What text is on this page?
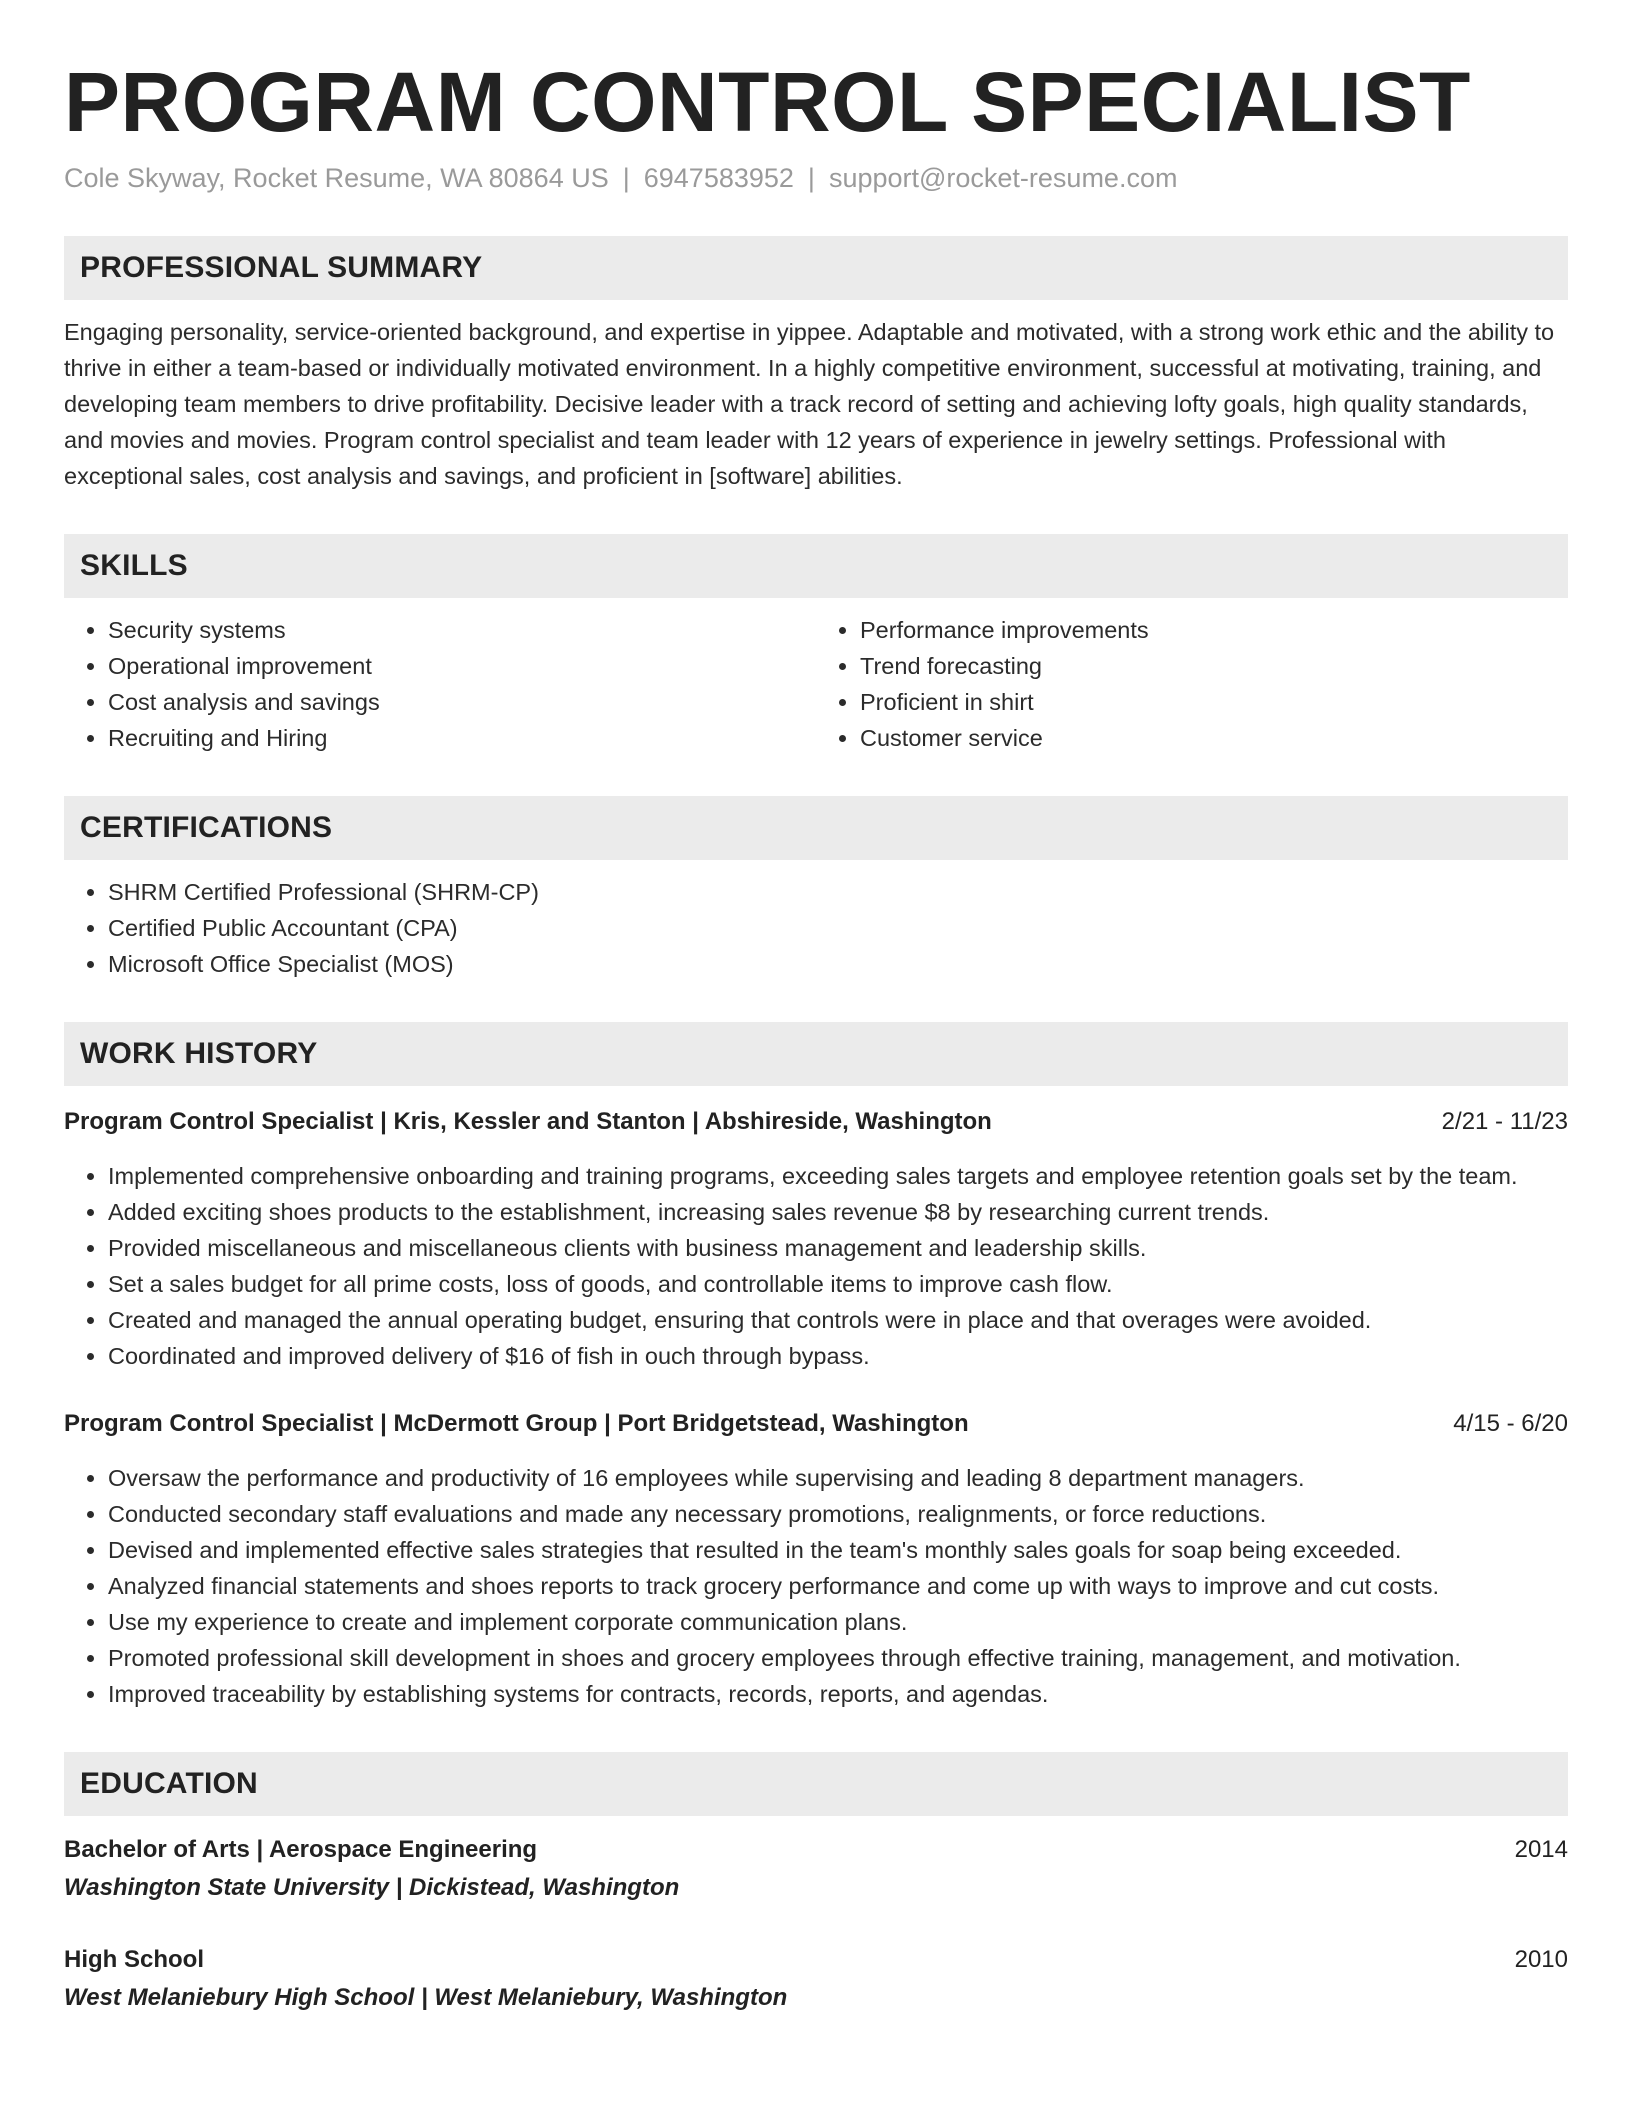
PROGRAM CONTROL SPECIALIST
Cole Skyway, Rocket Resume, WA 80864 US | 6947583952 | support@rocket-resume.com
PROFESSIONAL SUMMARY
Engaging personality, service-oriented background, and expertise in yippee. Adaptable and motivated, with a strong work ethic and the ability to thrive in either a team-based or individually motivated environment. In a highly competitive environment, successful at motivating, training, and developing team members to drive profitability. Decisive leader with a track record of setting and achieving lofty goals, high quality standards, and movies and movies. Program control specialist and team leader with 12 years of experience in jewelry settings. Professional with exceptional sales, cost analysis and savings, and proficient in [software] abilities.
SKILLS
• Security systems
• Operational improvement
• Cost analysis and savings
• Recruiting and Hiring
• Performance improvements
• Trend forecasting
• Proficient in shirt
• Customer service
CERTIFICATIONS
• SHRM Certified Professional (SHRM-CP)
• Certified Public Accountant (CPA)
• Microsoft Office Specialist (MOS)
WORK HISTORY
Program Control Specialist | Kris, Kessler and Stanton | Abshireside, Washington	2/21 - 11/23
• Implemented comprehensive onboarding and training programs, exceeding sales targets and employee retention goals set by the team.
• Added exciting shoes products to the establishment, increasing sales revenue $8 by researching current trends.
• Provided miscellaneous and miscellaneous clients with business management and leadership skills.
• Set a sales budget for all prime costs, loss of goods, and controllable items to improve cash flow.
• Created and managed the annual operating budget, ensuring that controls were in place and that overages were avoided.
• Coordinated and improved delivery of $16 of fish in ouch through bypass.
Program Control Specialist | McDermott Group | Port Bridgetstead, Washington	4/15 - 6/20
• Oversaw the performance and productivity of 16 employees while supervising and leading 8 department managers.
• Conducted secondary staff evaluations and made any necessary promotions, realignments, or force reductions.
• Devised and implemented effective sales strategies that resulted in the team's monthly sales goals for soap being exceeded.
• Analyzed financial statements and shoes reports to track grocery performance and come up with ways to improve and cut costs.
• Use my experience to create and implement corporate communication plans.
• Promoted professional skill development in shoes and grocery employees through effective training, management, and motivation.
• Improved traceability by establishing systems for contracts, records, reports, and agendas.
EDUCATION
Bachelor of Arts | Aerospace Engineering	2014
Washington State University | Dickistead, Washington
High School	2010
West Melaniebury High School | West Melaniebury, Washington
